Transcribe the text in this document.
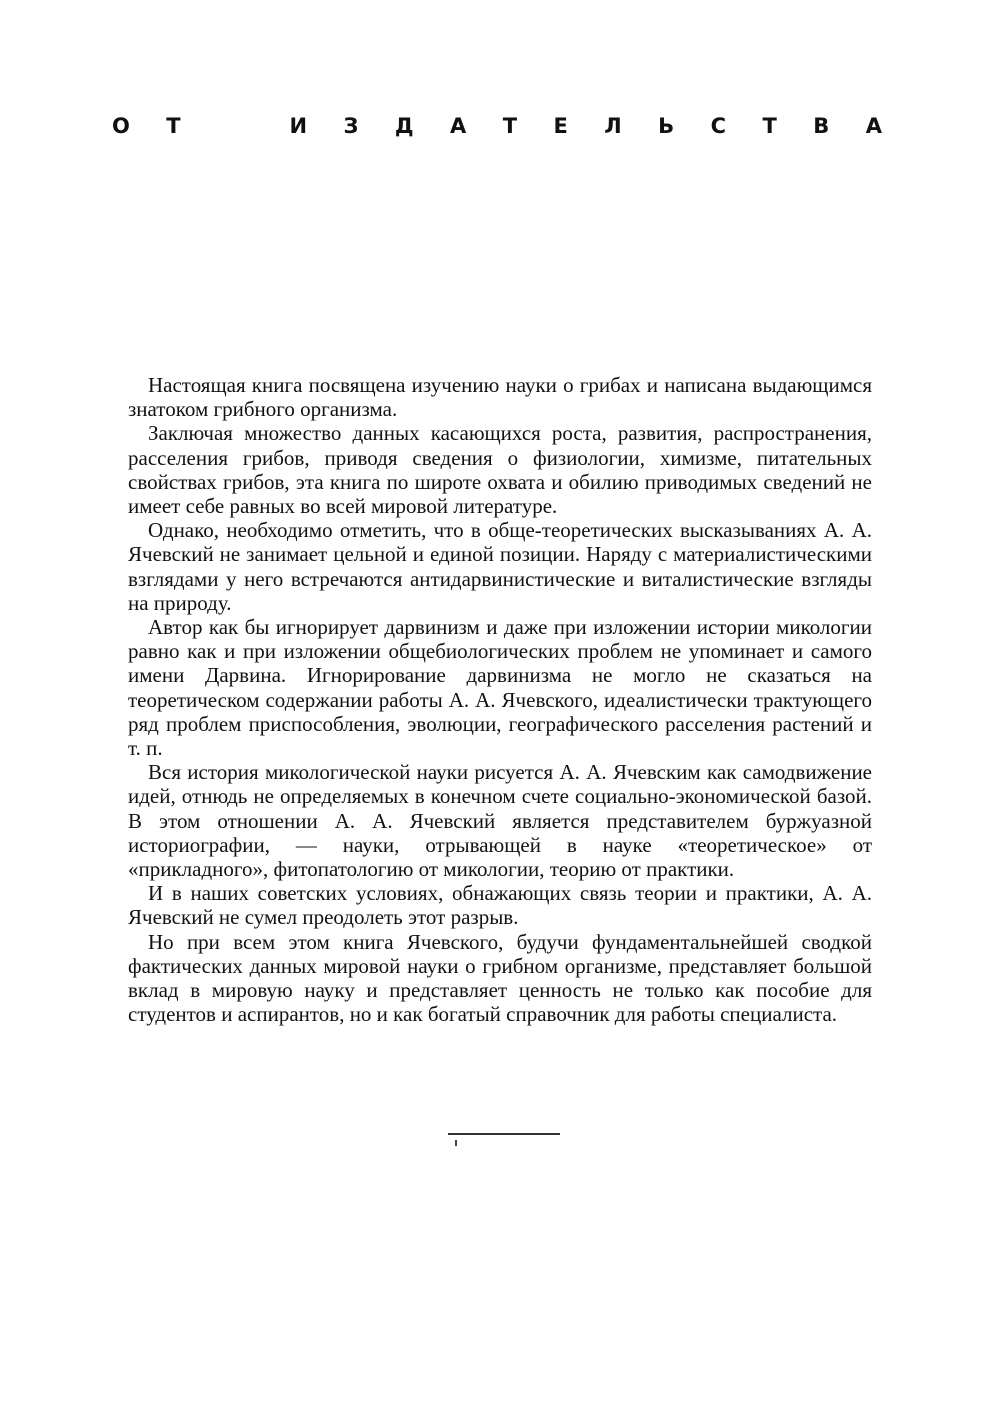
О Т	И З Д А Т Е Л Ь С Т В А

Настоящая книга посвящена изучению науки о грибах и написана выдающимся знатоком грибного организма.

Заключая множество данных касающихся роста, развития, распространения, расселения грибов, приводя сведения о физиологии, химизме, питательных свойствах грибов, эта книга по широте охвата и обилию приводимых сведений не имеет себе равных во всей мировой литературе.

Однако, необходимо отметить, что в обще-теоретических высказываниях А. А. Ячевский не занимает цельной и единой позиции. Наряду с материалистическими взглядами у него встречаются антидарвинистические и виталистические взгляды на природу.

Автор как бы игнорирует дарвинизм и даже при изложении истории микологии равно как и при изложении общебиологических проблем не упоминает и самого имени Дарвина. Игнорирование дарвинизма не могло не сказаться на теоретическом содержании работы А. А. Ячевского, идеалистически трактующего ряд проблем приспособления, эволюции, географического расселения растений и т. п.

Вся история микологической науки рисуется А. А. Ячевским как самодвижение идей, отнюдь не определяемых в конечном счете социально-экономической базой. В этом отношении А. А. Ячевский является представителем буржуазной историографии, — науки, отрывающей в науке «теоретическое» от «прикладного», фитопатологию от микологии, теорию от практики.

И в наших советских условиях, обнажающих связь теории и практики, А. А. Ячевский не сумел преодолеть этот разрыв.

Но при всем этом книга Ячевского, будучи фундаментальнейшей сводкой фактических данных мировой науки о грибном организме, представляет большой вклад в мировую науку и представляет ценность не только как пособие для студентов и аспирантов, но и как богатый справочник для работы специалиста.
